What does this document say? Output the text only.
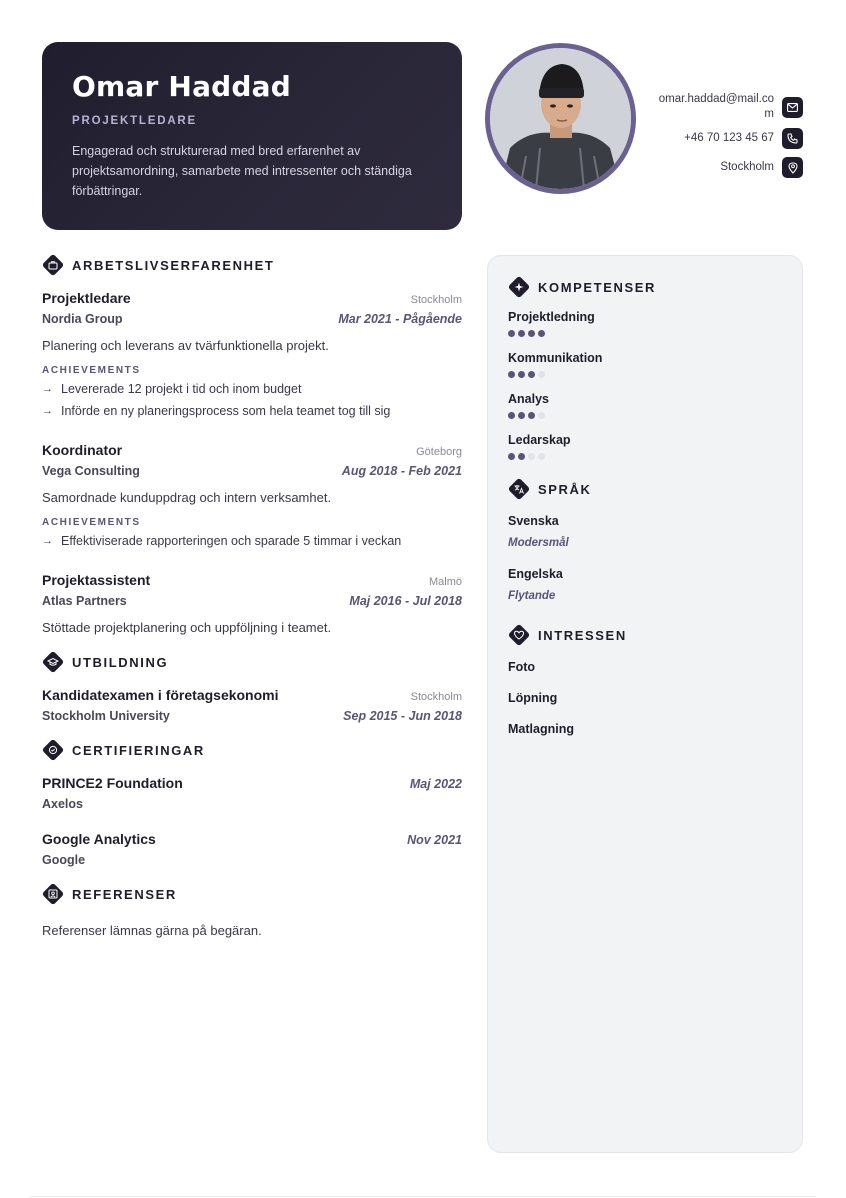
Omar Haddad
PROJEKTLEDARE
Engagerad och strukturerad med bred erfarenhet av projektsamordning, samarbete med intressenter och ständiga förbättringar.
omar.haddad@mail.com
+46 70 123 45 67
Stockholm
ARBETSLIVSERFARENHET
Projektledare	Stockholm
Nordia Group	Mar 2021 - Pågående
Planering och leverans av tvärfunktionella projekt.
ACHIEVEMENTS
→ Levererade 12 projekt i tid och inom budget
→ Införde en ny planeringsprocess som hela teamet tog till sig
Koordinator	Göteborg
Vega Consulting	Aug 2018 - Feb 2021
Samordnade kunduppdrag och intern verksamhet.
ACHIEVEMENTS
→ Effektiviserade rapporteringen och sparade 5 timmar i veckan
Projektassistent	Malmö
Atlas Partners	Maj 2016 - Jul 2018
Stöttade projektplanering och uppföljning i teamet.
UTBILDNING
Kandidatexamen i företagsekonomi	Stockholm
Stockholm University	Sep 2015 - Jun 2018
CERTIFIERINGAR
PRINCE2 Foundation	Maj 2022
Axelos
Google Analytics	Nov 2021
Google
REFERENSER
Referenser lämnas gärna på begäran.
KOMPETENSER
Projektledning
Kommunikation
Analys
Ledarskap
SPRÅK
Svenska
Modersmål
Engelska
Flytande
INTRESSEN
Foto
Löpning
Matlagning
